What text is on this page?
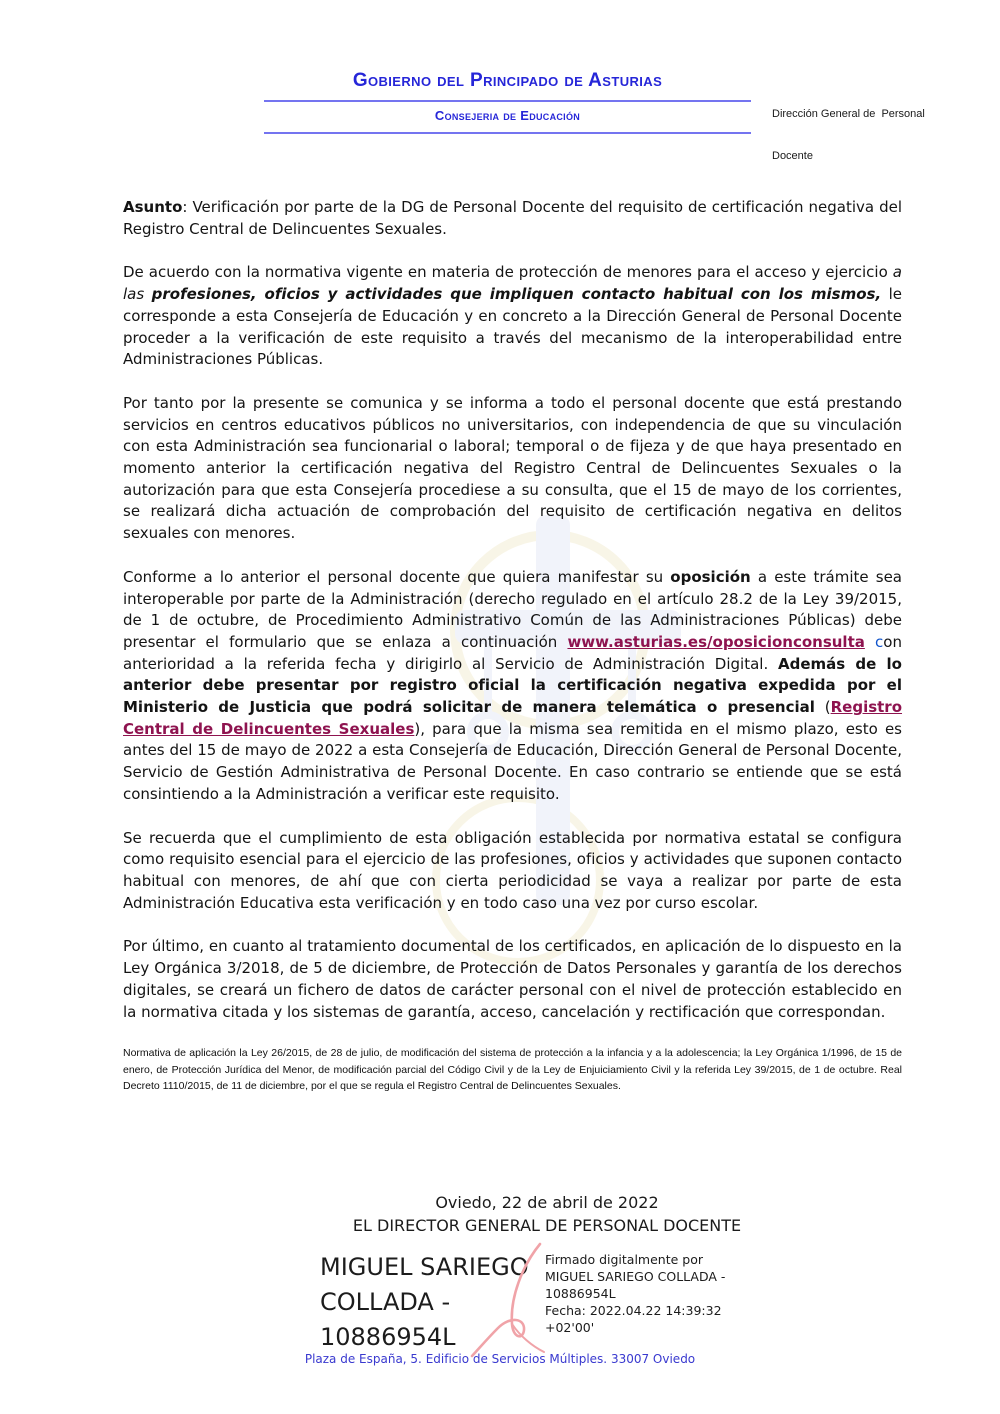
Gobierno del Principado de Asturias
Consejeria de Educación

	Dirección General de  Personal

Docente

Asunto: Verificación por parte de la DG de Personal Docente del requisito de certificación negativa del Registro Central de Delincuentes Sexuales.

De acuerdo con la normativa vigente en materia de protección de menores para el acceso y ejercicio a las profesiones, oficios y actividades que impliquen contacto habitual con los mismos, le corresponde a esta Consejería de Educación y en concreto a la Dirección General de Personal Docente proceder a la verificación de este requisito a través del mecanismo de la interoperabilidad entre Administraciones Públicas.

Por tanto por la presente se comunica y se informa a todo el personal docente que está prestando servicios en centros educativos públicos no universitarios, con independencia de que su vinculación con esta Administración sea funcionarial o laboral; temporal o de fijeza y de que haya presentado en momento anterior la certificación negativa del Registro Central de Delincuentes Sexuales o la autorización para que esta Consejería procediese a su consulta, que el 15 de mayo de los corrientes, se realizará dicha actuación de comprobación del requisito de certificación negativa en delitos sexuales con menores.

Conforme a lo anterior el personal docente que quiera manifestar su oposición a este trámite sea interoperable por parte de la Administración (derecho regulado en el artículo 28.2 de la Ley 39/2015, de 1 de octubre, de Procedimiento Administrativo Común de las Administraciones Públicas) debe presentar el formulario que se enlaza a continuación www.asturias.es/oposicionconsulta con anterioridad a la referida fecha y dirigirlo al Servicio de Administración Digital. Además de lo anterior debe presentar por registro oficial la certificación negativa expedida por el Ministerio de Justicia que podrá solicitar de manera telemática o presencial (Registro Central de Delincuentes Sexuales), para que la misma sea remitida en el mismo plazo, esto es antes del 15 de mayo de 2022 a esta Consejería de Educación, Dirección General de Personal Docente, Servicio de Gestión Administrativa de Personal Docente. En caso contrario se entiende que se está consintiendo a la Administración a verificar este requisito.

Se recuerda que el cumplimiento de esta obligación establecida por normativa estatal se configura como requisito esencial para el ejercicio de las profesiones, oficios y actividades que suponen contacto habitual con menores, de ahí que con cierta periodicidad se vaya a realizar por parte de esta Administración Educativa esta verificación y en todo caso una vez por curso escolar.

Por último, en cuanto al tratamiento documental de los certificados, en aplicación de lo dispuesto en la Ley Orgánica 3/2018, de 5 de diciembre, de Protección de Datos Personales y garantía de los derechos digitales, se creará un fichero de datos de carácter personal con el nivel de protección establecido en la normativa citada y los sistemas de garantía, acceso, cancelación y rectificación que correspondan.

Normativa de aplicación la Ley 26/2015, de 28 de julio, de modificación del sistema de protección a la infancia y a la adolescencia; la Ley Orgánica 1/1996, de 15 de enero, de Protección Jurídica del Menor, de modificación parcial del Código Civil y de la Ley de Enjuiciamiento Civil y la referida Ley 39/2015, de 1 de octubre. Real Decreto 1110/2015, de 11 de diciembre, por el que se regula el Registro Central de Delincuentes Sexuales.

Oviedo, 22 de abril de 2022
EL DIRECTOR GENERAL DE PERSONAL DOCENTE
MIGUEL SARIEGO
COLLADA -
10886954L
Firmado digitalmente por
MIGUEL SARIEGO COLLADA -
10886954L
Fecha: 2022.04.22 14:39:32
+02'00'
Plaza de España, 5. Edificio de Servicios Múltiples. 33007 Oviedo
